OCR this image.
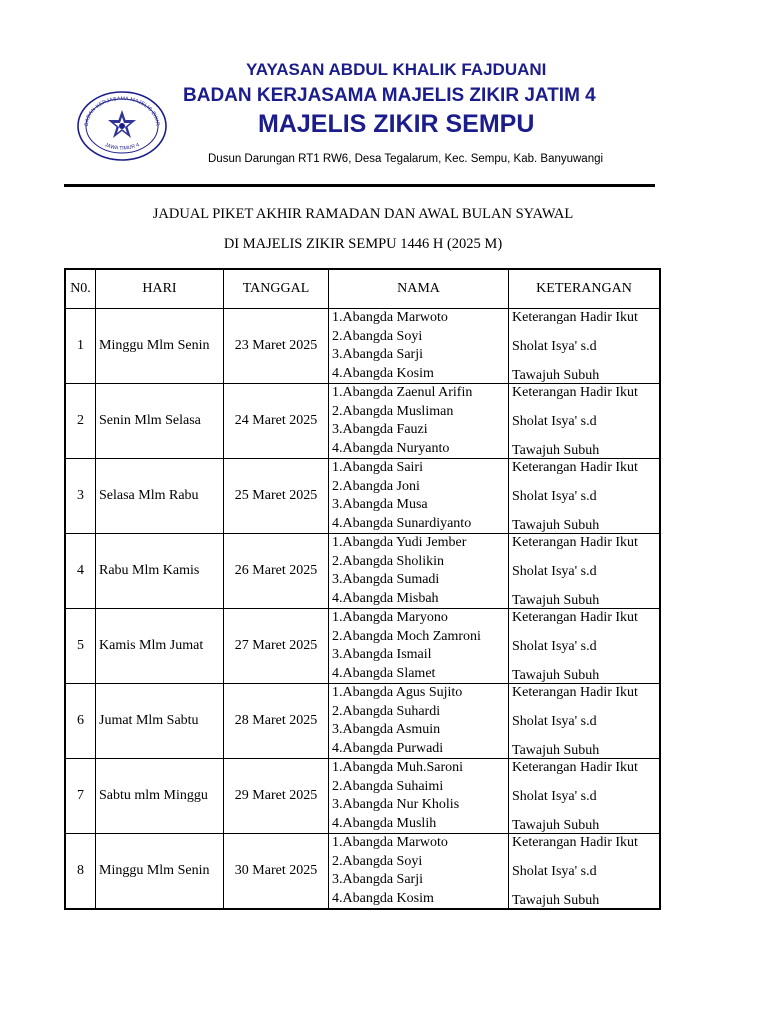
BADAN KERJASAMA MAJELIS ZIKIR
JAWA TIMUR 4
YAYASAN ABDUL KHALIK FAJDUANI
BADAN KERJASAMA MAJELIS ZIKIR JATIM 4
MAJELIS ZIKIR SEMPU
Dusun Darungan RT1 RW6, Desa Tegalarum, Kec. Sempu, Kab. Banyuwangi
JADUAL PIKET AKHIR RAMADAN DAN AWAL BULAN SYAWAL
DI MAJELIS ZIKIR SEMPU 1446 H (2025 M)
N0.	HARI	TANGGAL	NAMA	KETERANGAN
1	Minggu Mlm Senin	23 Maret 2025	1.Abangda Marwoto
2.Abangda Soyi
3.Abangda Sarji
4.Abangda Kosim	Keterangan Hadir Ikut
Sholat Isya' s.d
Tawajuh Subuh

2	Senin Mlm Selasa	24 Maret 2025	1.Abangda Zaenul Arifin
2.Abangda Musliman
3.Abangda Fauzi
4.Abangda Nuryanto	Keterangan Hadir Ikut
Sholat Isya' s.d
Tawajuh Subuh

3	Selasa Mlm Rabu	25 Maret 2025	1.Abangda Sairi
2.Abangda Joni
3.Abangda Musa
4.Abangda Sunardiyanto	Keterangan Hadir Ikut
Sholat Isya' s.d
Tawajuh Subuh

4	Rabu Mlm Kamis	26 Maret 2025	1.Abangda Yudi Jember
2.Abangda Sholikin
3.Abangda Sumadi
4.Abangda Misbah	Keterangan Hadir Ikut
Sholat Isya' s.d
Tawajuh Subuh

5	Kamis Mlm Jumat	27 Maret 2025	1.Abangda Maryono
2.Abangda Moch Zamroni
3.Abangda Ismail
4.Abangda Slamet	Keterangan Hadir Ikut
Sholat Isya' s.d
Tawajuh Subuh

6	Jumat Mlm Sabtu	28 Maret 2025	1.Abangda Agus Sujito
2.Abangda Suhardi
3.Abangda Asmuin
4.Abangda Purwadi	Keterangan Hadir Ikut
Sholat Isya' s.d
Tawajuh Subuh

7	Sabtu mlm Minggu	29 Maret 2025	1.Abangda Muh.Saroni
2.Abangda Suhaimi
3.Abangda Nur Kholis
4.Abangda Muslih	Keterangan Hadir Ikut
Sholat Isya' s.d
Tawajuh Subuh

8	Minggu Mlm Senin	30 Maret 2025	1.Abangda Marwoto
2.Abangda Soyi
3.Abangda Sarji
4.Abangda Kosim	Keterangan Hadir Ikut
Sholat Isya' s.d
Tawajuh Subuh
